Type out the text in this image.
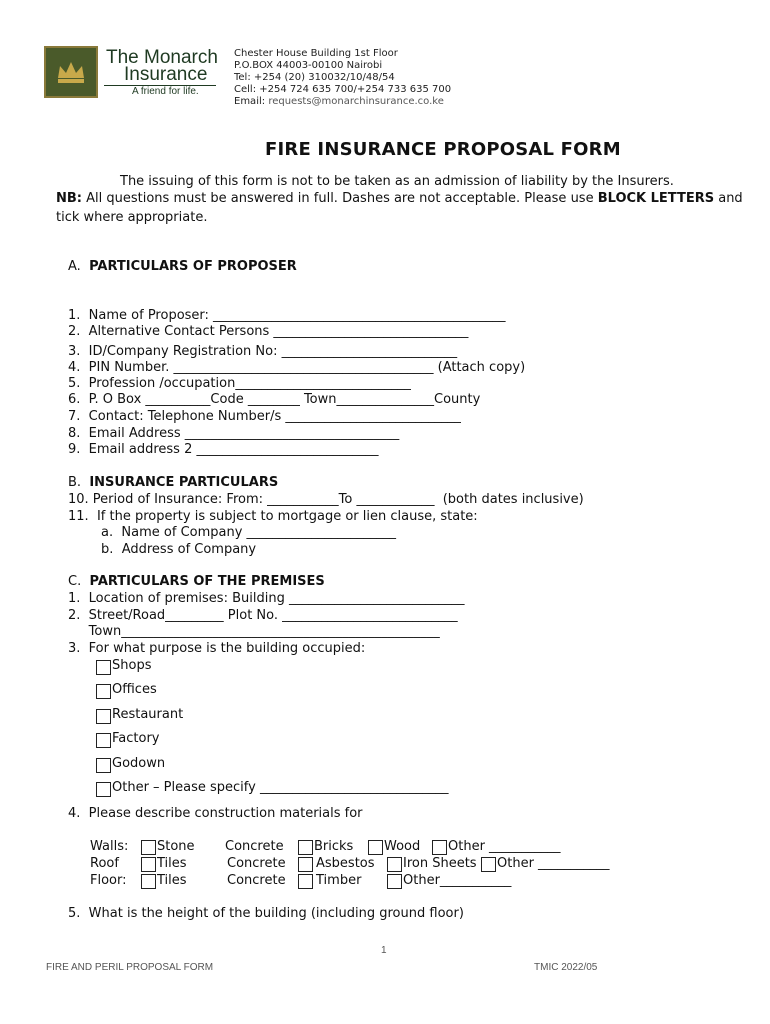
The Monarch
Insurance
A friend for life.
Chester House Building 1st Floor
P.O.BOX 44003-00100 Nairobi
Tel: +254 (20) 310032/10/48/54
Cell: +254 724 635 700/+254 733 635 700
Email: requests@monarchinsurance.co.ke
FIRE INSURANCE PROPOSAL FORM
The issuing of this form is not to be taken as an admission of liability by the Insurers.
NB: All questions must be answered in full. Dashes are not acceptable. Please use BLOCK LETTERS and
tick where appropriate.
A. PARTICULARS OF PROPOSER
1.  Name of Proposer: _____________________________________________
2.  Alternative Contact Persons ______________________________
3.  ID/Company Registration No: ___________________________
4.  PIN Number. ________________________________________ (Attach copy)
5.  Profession /occupation___________________________
6.  P. O Box __________Code ________ Town_______________County
7.  Contact: Telephone Number/s ___________________________
8.  Email Address _________________________________
9.  Email address 2 ____________________________
B. INSURANCE PARTICULARS
10. Period of Insurance: From: ___________To ____________  (both dates inclusive)
11.  If the property is subject to mortgage or lien clause, state:
a.  Name of Company _______________________
b.  Address of Company
C. PARTICULARS OF THE PREMISES
1.  Location of premises: Building ___________________________
2.  Street/Road_________ Plot No. ___________________________
Town_________________________________________________
3.  For what purpose is the building occupied:
Shops
Offices
Restaurant
Factory
Godown
Other – Please specify _____________________________
4.  Please describe construction materials for
Walls: Stone Concrete Bricks Wood Other ___________
Roof	Tiles	Concrete Asbestos Iron Sheets Other ___________
Floor: Tiles	Concrete Timber	Other___________
5.  What is the height of the building (including ground floor)
1
FIRE AND PERIL PROPOSAL FORM	TMIC 2022/05
